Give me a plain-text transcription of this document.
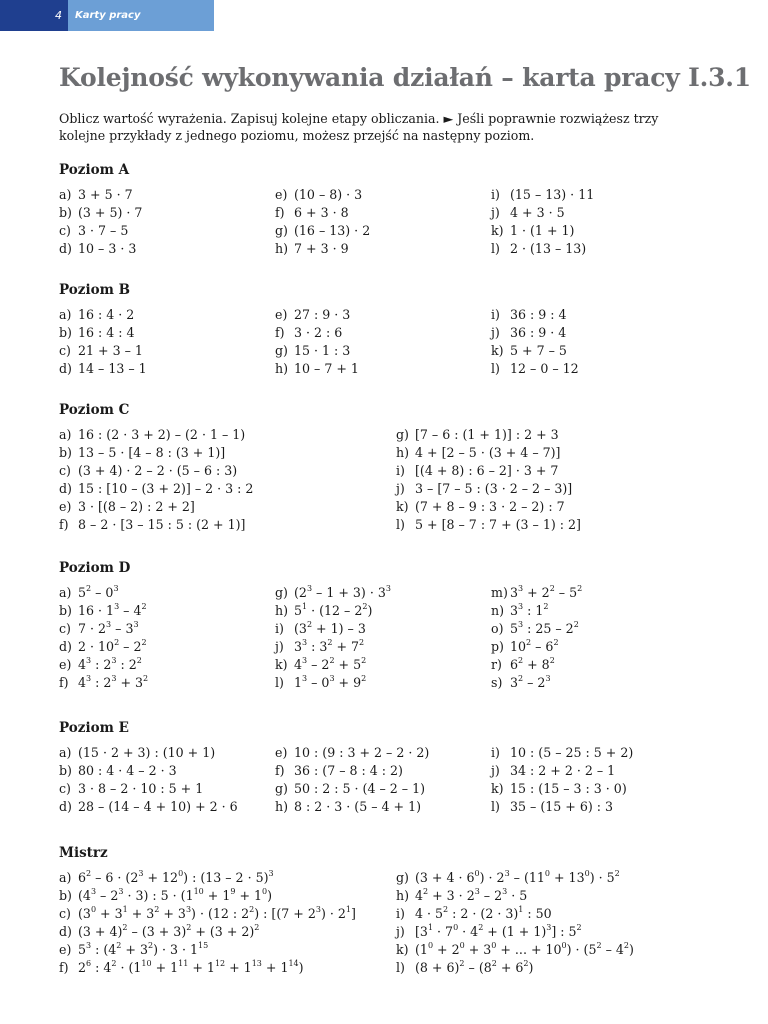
4	Karty pracy
Kolejność wykonywania działań – karta pracy I.3.1

Oblicz wartość wyrażenia. Zapisuj kolejne etapy obliczania. ► Jeśli poprawnie rozwiążesz trzy kolejne przykłady z jednego poziomu, możesz przejść na następny poziom.

Poziom A
a) 3 + 5 · 7
b) (3 + 5) · 7
c) 3 · 7 – 5
d) 10 – 3 · 3
e) (10 – 8) · 3
f) 6 + 3 · 8
g) (16 – 13) · 2
h) 7 + 3 · 9
i) (15 – 13) · 11
j) 4 + 3 · 5
k) 1 · (1 + 1)
l) 2 · (13 – 13)
Poziom B
a) 16 : 4 · 2
b) 16 : 4 : 4
c) 21 + 3 – 1
d) 14 – 13 – 1
e) 27 : 9 · 3
f) 3 · 2 : 6
g) 15 · 1 : 3
h) 10 – 7 + 1
i) 36 : 9 : 4
j) 36 : 9 · 4
k) 5 + 7 – 5
l) 12 – 0 – 12
Poziom C
a) 16 : (2 · 3 + 2) – (2 · 1 – 1)
b) 13 – 5 · [4 – 8 : (3 + 1)]
c) (3 + 4) · 2 – 2 · (5 – 6 : 3)
d) 15 : [10 – (3 + 2)] – 2 · 3 : 2
e) 3 · [(8 – 2) : 2 + 2]
f) 8 – 2 · [3 – 15 : 5 : (2 + 1)]
g) [7 – 6 : (1 + 1)] : 2 + 3
h) 4 + [2 – 5 · (3 + 4 – 7)]
i) [(4 + 8) : 6 – 2] · 3 + 7
j) 3 – [7 – 5 : (3 · 2 – 2 – 3)]
k) (7 + 8 – 9 : 3 · 2 – 2) : 7
l) 5 + [8 – 7 : 7 + (3 – 1) : 2]
Poziom D
a) $5^2 - 0^3$
b) $16 \cdot 1^3 - 4^2$
c) $7 \cdot 2^3 - 3^3$
d) $2 \cdot 10^2 - 2^2$
e) $4^3$ : $2^3$ : $2^2$
f) $4^3$ : $2^3 + 3^2$
g) $(2^3 - 1 + 3) \cdot 3^3$
h) $5^1 \cdot (12 - 2^2)$
i) $(3^2 + 1) - 3$
j) $3^3$ : $3^2 + 7^2$
k) $4^3 - 2^2 + 5^2$
l) $1^3 - 0^3 + 9^2$
m) $3^3 + 2^2 - 5^2$
n) $3^3$ : $1^2$
o) $5^3$ : $25 - 2^2$
p) $10^2 - 6^2$
r) $6^2 + 8^2$
s) $3^2 - 2^3$
Poziom E
a) (15 · 2 + 3) : (10 + 1)
b) 80 : 4 · 4 – 2 · 3
c) 3 · 8 – 2 · 10 : 5 + 1
d) 28 – (14 – 4 + 10) + 2 · 6
e) 10 : (9 : 3 + 2 – 2 · 2)
f) 36 : (7 – 8 : 4 : 2)
g) 50 : 2 : 5 · (4 – 2 – 1)
h) 8 : 2 · 3 · (5 – 4 + 1)
i) 10 : (5 – 25 : 5 + 2)
j) 34 : 2 + 2 · 2 – 1
k) 15 : (15 – 3 : 3 · 0)
l) 35 – (15 + 6) : 3
Mistrz
a) $6^2 - 6 \cdot (2^3 + 12^0)$ : $(13 - 2 \cdot 5)^3$
b) $(4^3 - 2^3 \cdot 3)$ : $5 \cdot (1^{10} + 1^9 + 1^0)$
c) $(3^0 + 3^1 + 3^2 + 3^3) \cdot (12$ : $2^2$) : $[(7 + 2^3) \cdot 2^1]$
d) $(3 + 4)^2 - (3 + 3)^2 + (3 + 2)^2$
e) $5^3$ : $(4^2 + 3^2) \cdot 3 \cdot 1^{15}$
f) $2^6$ : $4^2 \cdot (1^{10} + 1^{11} + 1^{12} + 1^{13} + 1^{14})$
g) $(3 + 4 \cdot 6^0) \cdot 2^3 - (11^0 + 13^0) \cdot 5^2$
h) $4^2 + 3 \cdot 2^3 - 2^3 \cdot 5$
i) $4 \cdot 5^2$ : $2 \cdot (2 \cdot 3)^1$ : 50
j) $[3^1 \cdot 7^0 \cdot 4^2 + (1 + 1)^3]$ : $5^2$
k) ($1^0 + 2^0 + 3^0$ + ... + $10^0) \cdot (5^2 - 4^2)$
l) $(8 + 6)^2 - (8^2 + 6^2)$
